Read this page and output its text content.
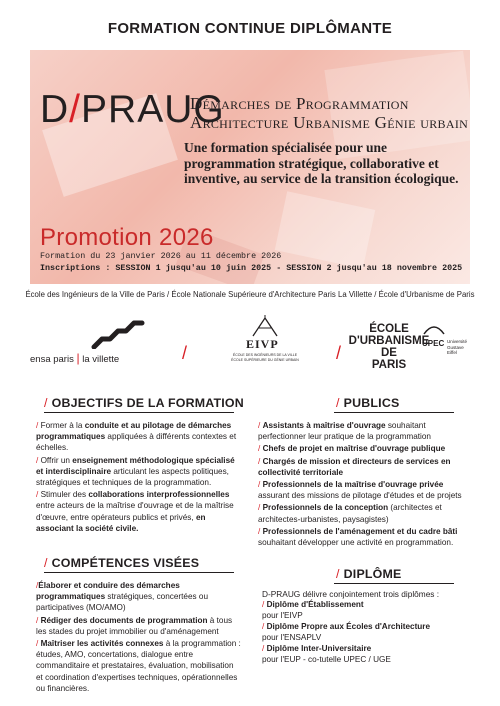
FORMATION CONTINUE DIPLÔMANTE
D/PRAUG
Démarches de Programmation
Architecture Urbanisme Génie urbain
Une formation spécialisée pour une programmation stratégique, collaborative et inventive, au service de la transition écologique.
Promotion 2026
Formation du 23 janvier 2026 au 11 décembre 2026
Inscriptions : SESSION 1 jusqu'au 10 juin 2025 - SESSION 2 jusqu'au 18 novembre 2025
École des Ingénieurs de la Ville de Paris / École Nationale Supérieure d'Architecture Paris La Villette / École d'Urbanisme de Paris
ensa paris | la villette	/	EIVP
ÉCOLE DES INGÉNIEURS DE LA VILLE
ÉCOLE SUPÉRIEURE DU GÉNIE URBAIN	/
ÉCOLE
D'URBANISME DE
PARIS
UPEC Université
Gustave Eiffel
/ OBJECTIFS DE LA FORMATION
/ Former à la conduite et au pilotage de démarches programmatiques appliquées à différents contextes et échelles.
/ Offrir un enseignement méthodologique spécialisé et interdisciplinaire articulant les aspects politiques, stratégiques et techniques de la programmation.
/ Stimuler des collaborations interprofessionnelles entre acteurs de la maîtrise d'ouvrage et de la maîtrise d'œuvre, entre opérateurs publics et privés, en associant la société civile.
/ COMPÉTENCES VISÉES
/Élaborer et conduire des démarches programmatiques stratégiques, concertées ou participatives (MO/AMO)
/ Rédiger des documents de programmation à tous les stades du projet immobilier ou d'aménagement
/ Maîtriser les activités connexes à la programmation : études, AMO, concertations, dialogue entre commanditaire et prestataires, évaluation, mobilisation et coordination d'expertises techniques, opérationnelles ou financières.
/ PUBLICS
/ Assistants à maîtrise d'ouvrage souhaitant perfectionner leur pratique de la programmation
/ Chefs de projet en maîtrise d'ouvrage publique
/ Chargés de mission et directeurs de services en collectivité territoriale
/ Professionnels de la maîtrise d'ouvrage privée assurant des missions de pilotage d'études et de projets
/ Professionnels de la conception (architectes et architectes-urbanistes, paysagistes)
/ Professionnels de l'aménagement et du cadre bâti souhaitant développer une activité en programmation.
/ DIPLÔME
D-PRAUG délivre conjointement trois diplômes :
/ Diplôme d'Établissement
pour l'EIVP
/ Diplôme Propre aux Écoles d'Architecture
pour l'ENSAPLV
/ Diplôme Inter-Universitaire
pour l'EUP - co-tutelle UPEC / UGE
